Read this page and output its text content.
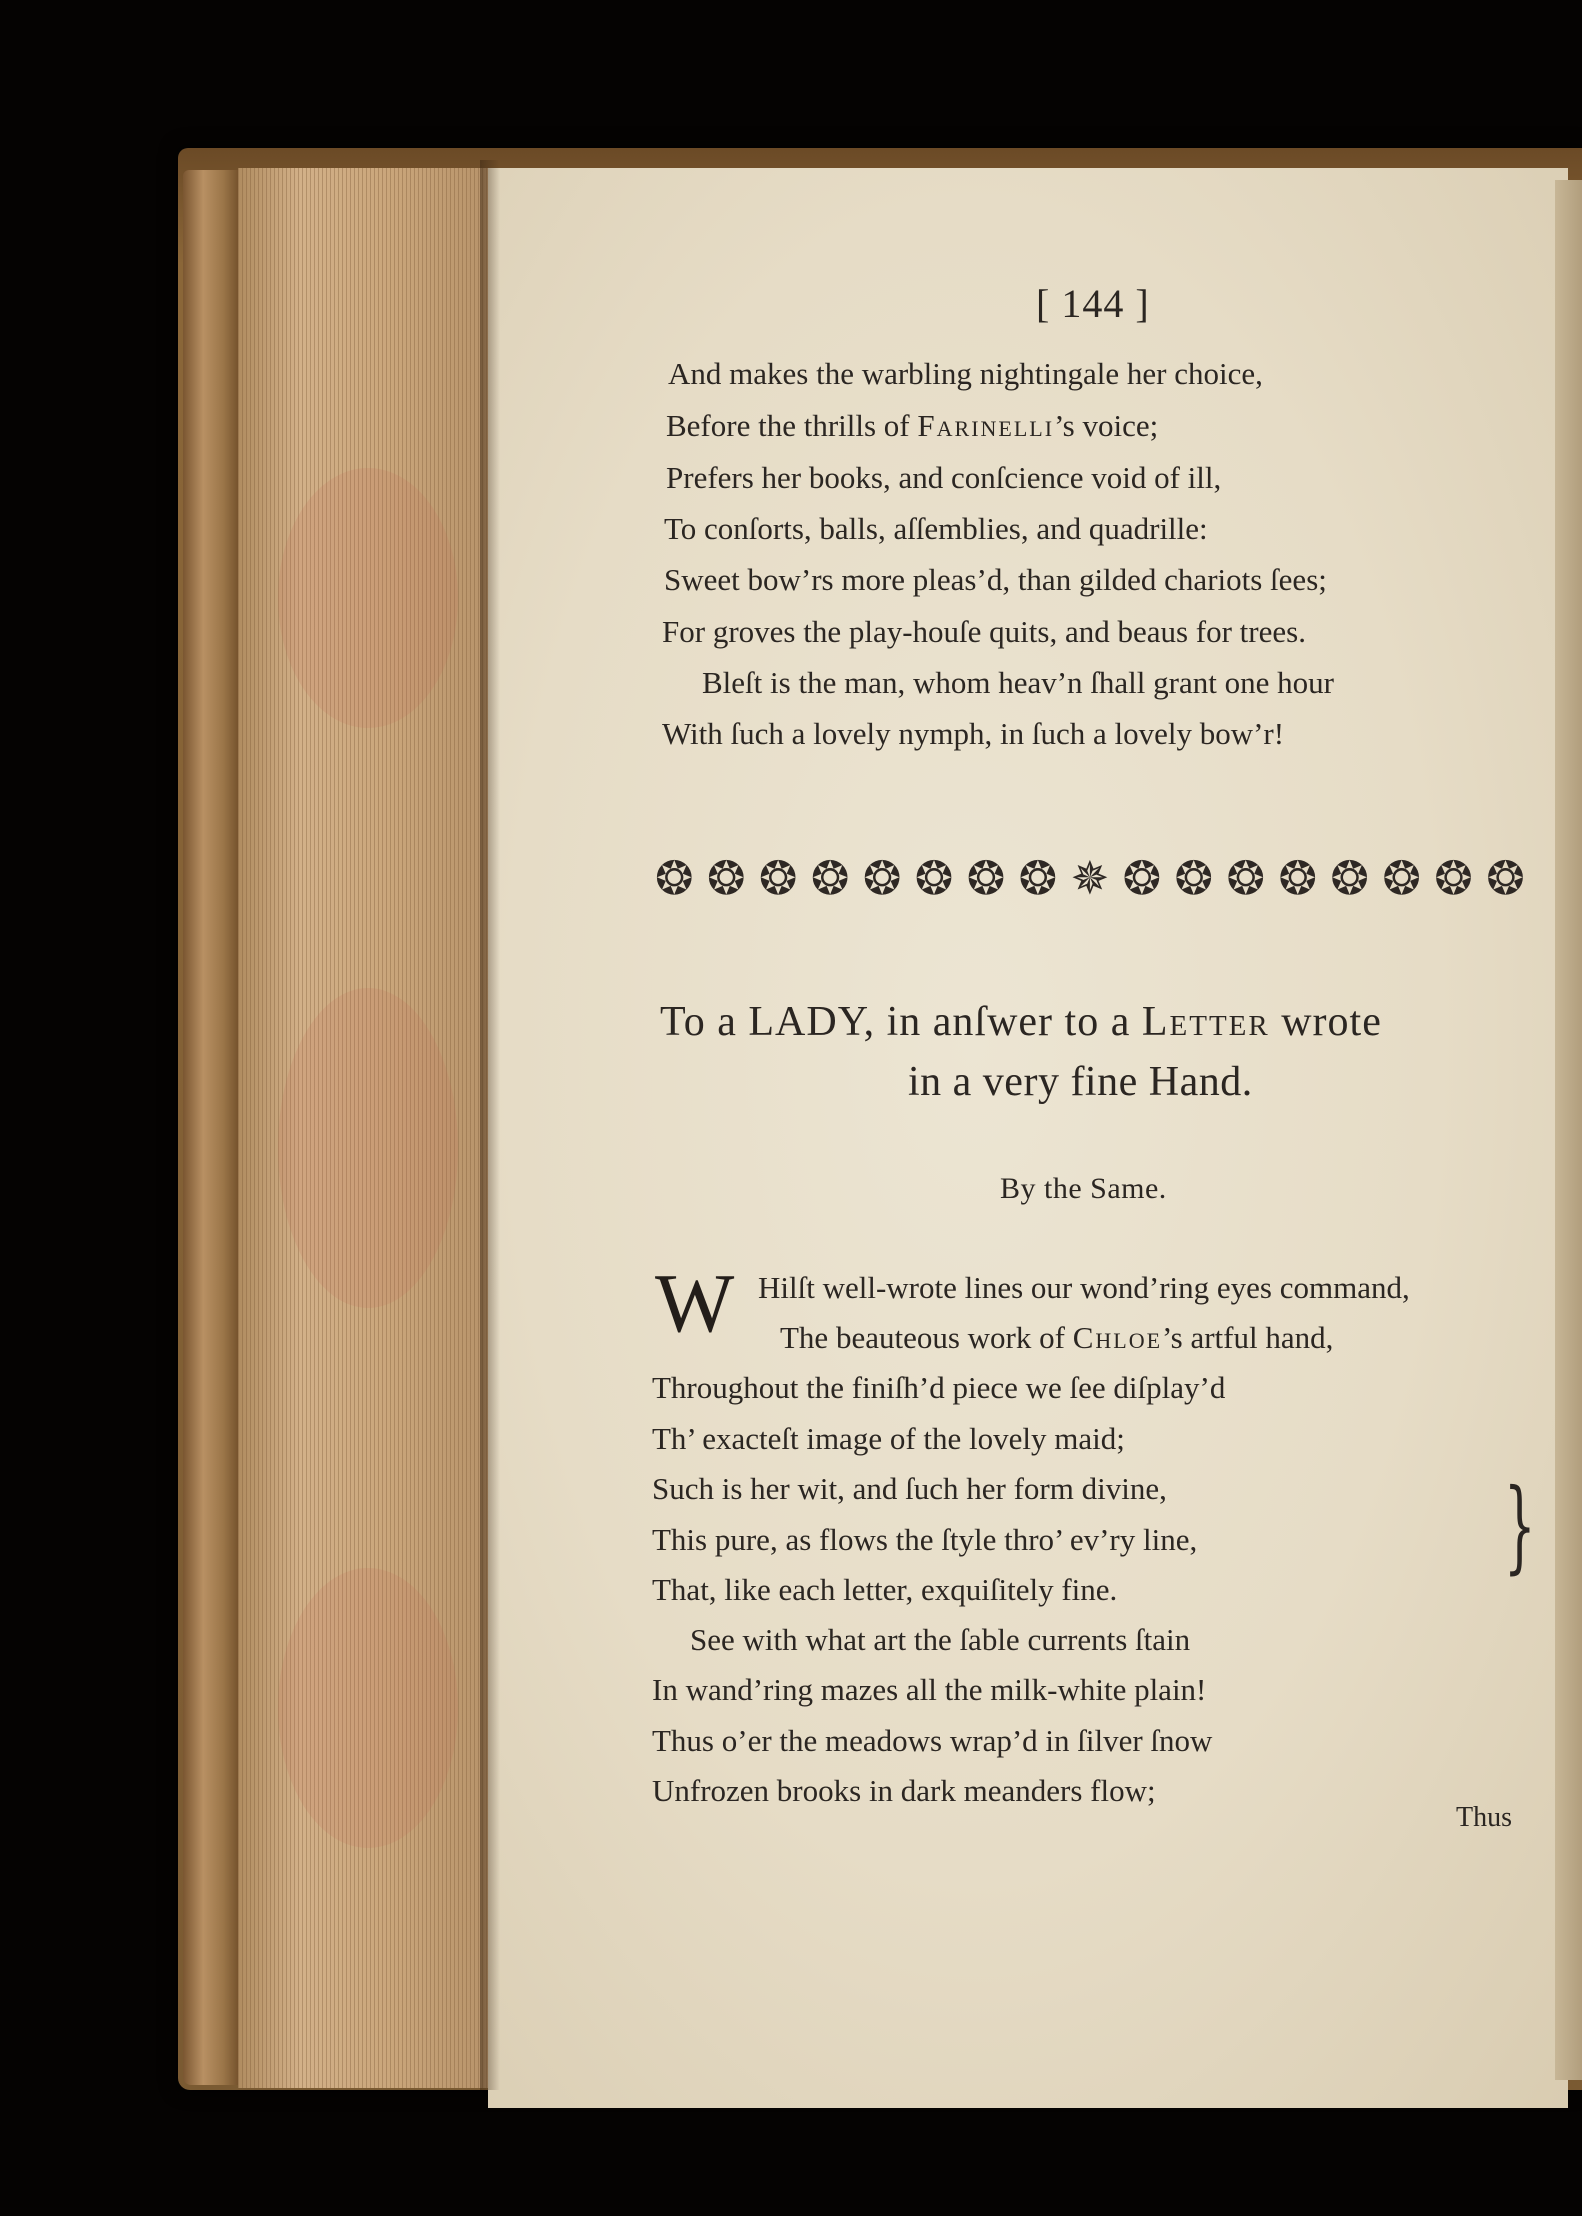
[ 144 ]
And makes the warbling nightingale her choice,
Before the thrills of Farinelli’s voice;
Prefers her books, and conſcience void of ill,
To conſorts, balls, aſſemblies, and quadrille:
Sweet bow’rs more pleas’d, than gilded chariots ſees;
For groves the play-houſe quits, and beaus for trees.
Bleſt is the man, whom heav’n ſhall grant one hour
With ſuch a lovely nymph, in ſuch a lovely bow’r!
❂ ❂ ❂ ❂ ❂ ❂ ❂ ❂ ✵ ❂ ❂ ❂ ❂ ❂ ❂ ❂ ❂
To a LADY, in anſwer to a Letter wrote
in a very fine Hand.
By the Same.
W Hilſt well-wrote lines our wond’ring eyes command,
The beauteous work of Chloe’s artful hand,
Throughout the finiſh’d piece we ſee diſplay’d
Th’ exacteſt image of the lovely maid;
Such is her wit, and ſuch her form divine,
This pure, as flows the ſtyle thro’ ev’ry line,
That, like each letter, exquiſitely fine.
See with what art the ſable currents ſtain
In wand’ring mazes all the milk-white plain!
Thus o’er the meadows wrap’d in ſilver ſnow
Unfrozen brooks in dark meanders flow;
}
Thus
